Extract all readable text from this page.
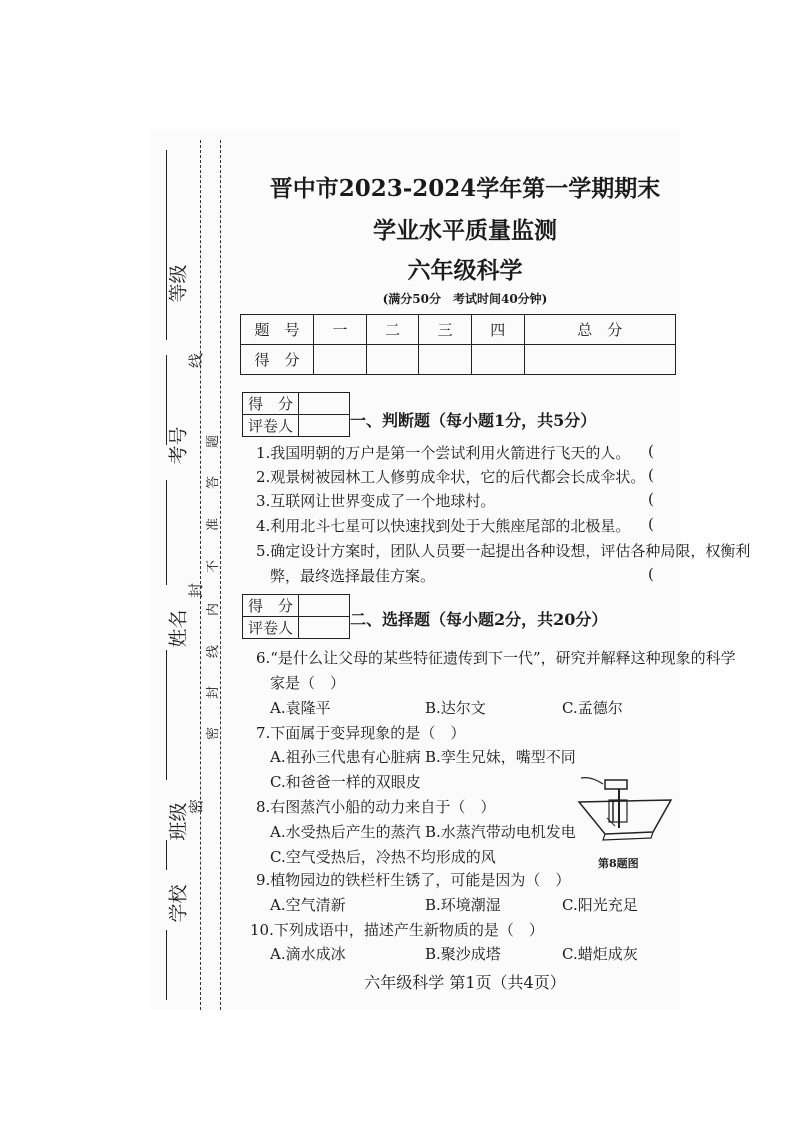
等级
考号
姓名
班级
学校
线
封
密
密
封
线
内
不
准
答
题
晋中市2023-2024学年第一学期期末
学业水平质量监测
六年级科学
(满分50分　考试时间40分钟)
题　号	一	二	三	四	总　分
得　分					
得　分	
评卷人		一、判断题（每小题1分，共5分）
1.我国明朝的万户是第一个尝试利用火箭进行飞天的人。 (
2.观景树被园林工人修剪成伞状，它的后代都会长成伞状。 (
3.互联网让世界变成了一个地球村。	(
4.利用北斗七星可以快速找到处于大熊座尾部的北极星。 (
5.确定设计方案时，团队人员要一起提出各种设想，评估各种局限，权衡利
弊，最终选择最佳方案。	(
得　分	
评卷人		二、选择题（每小题2分，共20分）
6.“是什么让父母的某些特征遗传到下一代”，研究并解释这种现象的科学
家是（　）
A.袁隆平	B.达尔文	C.孟德尔
7.下面属于变异现象的是（　）
A.祖孙三代患有心脏病 B.孪生兄妹，嘴型不同
C.和爸爸一样的双眼皮
8.右图蒸汽小船的动力来自于（　）
A.水受热后产生的蒸汽 B.水蒸汽带动电机发电
C.空气受热后，冷热不均形成的风	第8题图
9.植物园边的铁栏杆生锈了，可能是因为（　）
A.空气清新	B.环境潮湿	C.阳光充足
10.下列成语中，描述产生新物质的是（　）
A.滴水成冰	B.聚沙成塔	C.蜡炬成灰
六年级科学 第1页（共4页）
